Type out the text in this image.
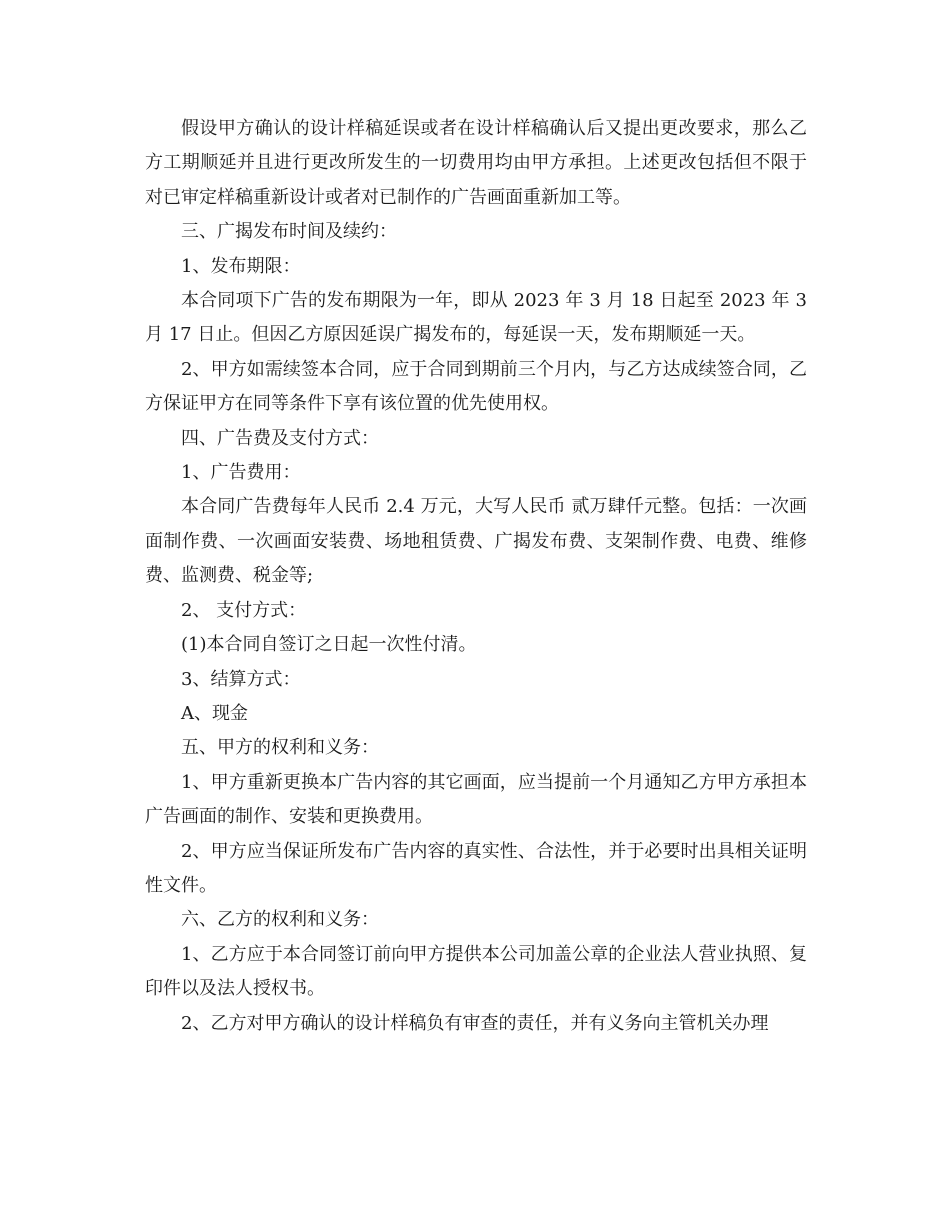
假设甲方确认的设计样稿延误或者在设计样稿确认后又提出更改要求，那么乙方工期顺延并且进行更改所发生的一切费用均由甲方承担。上述更改包括但不限于对已审定样稿重新设计或者对已制作的广告画面重新加工等。

三、广揭发布时间及续约：

1、发布期限：

本合同项下广告的发布期限为一年，即从 2023 年 3 月 18 日起至 2023 年 3 月 17 日止。但因乙方原因延误广揭发布的，每延误一天，发布期顺延一天。

2、甲方如需续签本合同，应于合同到期前三个月内，与乙方达成续签合同，乙方保证甲方在同等条件下享有该位置的优先使用权。

四、广告费及支付方式：

1、广告费用：

本合同广告费每年人民币 2.4 万元，大写人民币 贰万肆仟元整。包括：一次画面制作费、一次画面安装费、场地租赁费、广揭发布费、支架制作费、电费、维修费、监测费、税金等;

2、 支付方式：

(1)本合同自签订之日起一次性付清。

3、结算方式：

A、现金

五、甲方的权利和义务：

1、甲方重新更换本广告内容的其它画面，应当提前一个月通知乙方甲方承担本广告画面的制作、安装和更换费用。

2、甲方应当保证所发布广告内容的真实性、合法性，并于必要时出具相关证明性文件。

六、乙方的权利和义务：

1、乙方应于本合同签订前向甲方提供本公司加盖公章的企业法人营业执照、复印件以及法人授权书。

2、乙方对甲方确认的设计样稿负有审查的责任，并有义务向主管机关办理
